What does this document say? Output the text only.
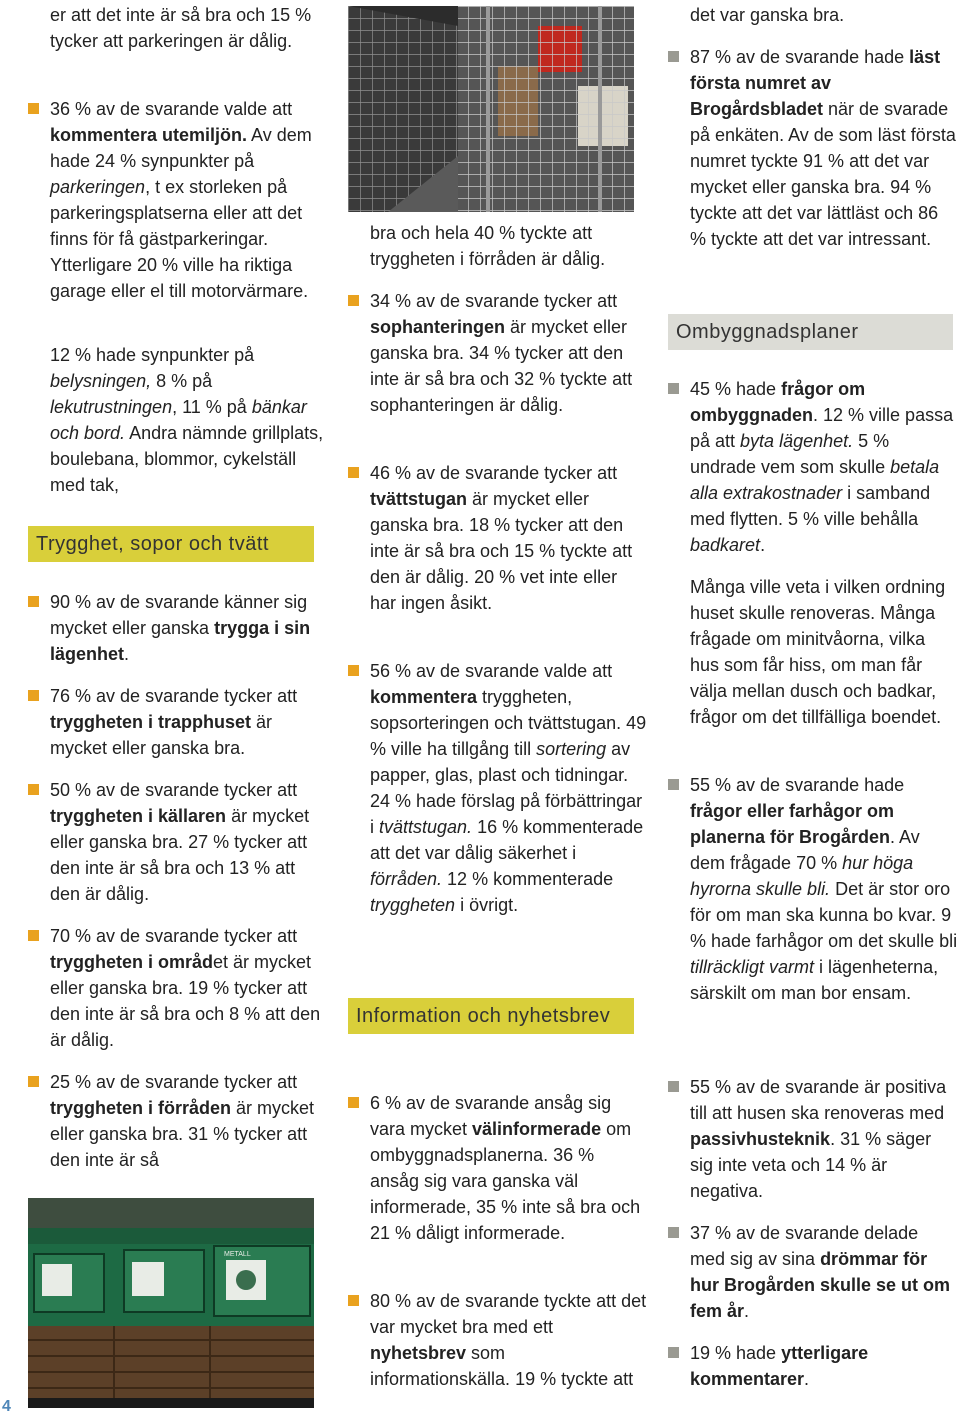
er att det inte är så bra och 15 % tycker att parkeringen är dålig.

36 % av de svarande valde att kommentera utemiljön. Av dem hade 24 % synpunkter på parkeringen, t ex storleken på parkeringsplatserna eller att det finns för få gästparkeringar. Ytterligare 20 % ville ha riktiga garage eller el till motorvärmare.

12 % hade synpunkter på belysningen, 8 % på lekutrustningen, 11 % på bänkar och bord. Andra nämnde grillplats, boulebana, blommor, cykelställ med tak,

Trygghet, sopor och tvätt

90 % av de svarande känner sig mycket eller ganska trygga i sin lägenhet.

76 % av de svarande tycker att tryggheten i trapphuset är mycket eller ganska bra.

50 % av de svarande tycker att tryggheten i källaren är mycket eller ganska bra. 27 % tycker att den inte är så bra och 13 % att den är dålig.

70 % av de svarande tycker att tryggheten i området är mycket eller ganska bra. 19 % tycker att den inte är så bra och 8 % att den är dålig.

25 % av de svarande tycker att tryggheten i förråden är mycket eller ganska bra. 31 % tycker att den inte är så

METALL

bra och hela 40 % tyckte att tryggheten i förråden är dålig.

34 % av de svarande tycker att sophanteringen är mycket eller ganska bra. 34 % tycker att den inte är så bra och 32 % tyckte att sophanteringen är dålig.

46 % av de svarande tycker att tvättstugan är mycket eller ganska bra. 18 % tycker att den inte är så bra och 15 % tyckte att den är dålig. 20 % vet inte eller har ingen åsikt.

56 % av de svarande valde att kommentera tryggheten, sopsorteringen och tvättstugan. 49 % ville ha tillgång till sortering av papper, glas, plast och tidningar. 24 % hade förslag på förbättringar i tvättstugan. 16 % kommenterade att det var dålig säkerhet i förråden. 12 % kommenterade tryggheten i övrigt.

Information och nyhetsbrev

6 % av de svarande ansåg sig vara mycket välinformerade om ombyggnadsplanerna. 36 % ansåg sig vara ganska väl informerade, 35 % inte så bra och 21 % dåligt informerade.

80 % av de svarande tyckte att det var mycket bra med ett nyhetsbrev som informationskälla. 19 % tyckte att

det var ganska bra.

87 % av de svarande hade läst första numret av Brogårdsbladet när de svarade på enkäten. Av de som läst första numret tyckte 91 % att det var mycket eller ganska bra. 94 % tyckte att det var lättläst och 86 % tyckte att det var intressant.

Ombyggnadsplaner

45 % hade frågor om ombyggnaden. 12 % ville passa på att byta lägenhet. 5 % undrade vem som skulle betala alla extrakostnader i samband med flytten. 5 % ville behålla badkaret.

Många ville veta i vilken ordning huset skulle renoveras. Många frågade om minitvåorna, vilka hus som får hiss, om man får välja mellan dusch och badkar, frågor om det tillfälliga boendet.

55 % av de svarande hade frågor eller farhågor om planerna för Brogården. Av dem frågade 70 % hur höga hyrorna skulle bli. Det är stor oro för om man ska kunna bo kvar. 9 % hade farhågor om det skulle bli tillräckligt varmt i lägenheterna, särskilt om man bor ensam.

55 % av de svarande är positiva till att husen ska renoveras med passivhusteknik. 31 % säger sig inte veta och 14 % är negativa.

37 % av de svarande delade med sig av sina drömmar för hur Brogården skulle se ut om fem år.

19 % hade ytterligare kommentarer.

4
